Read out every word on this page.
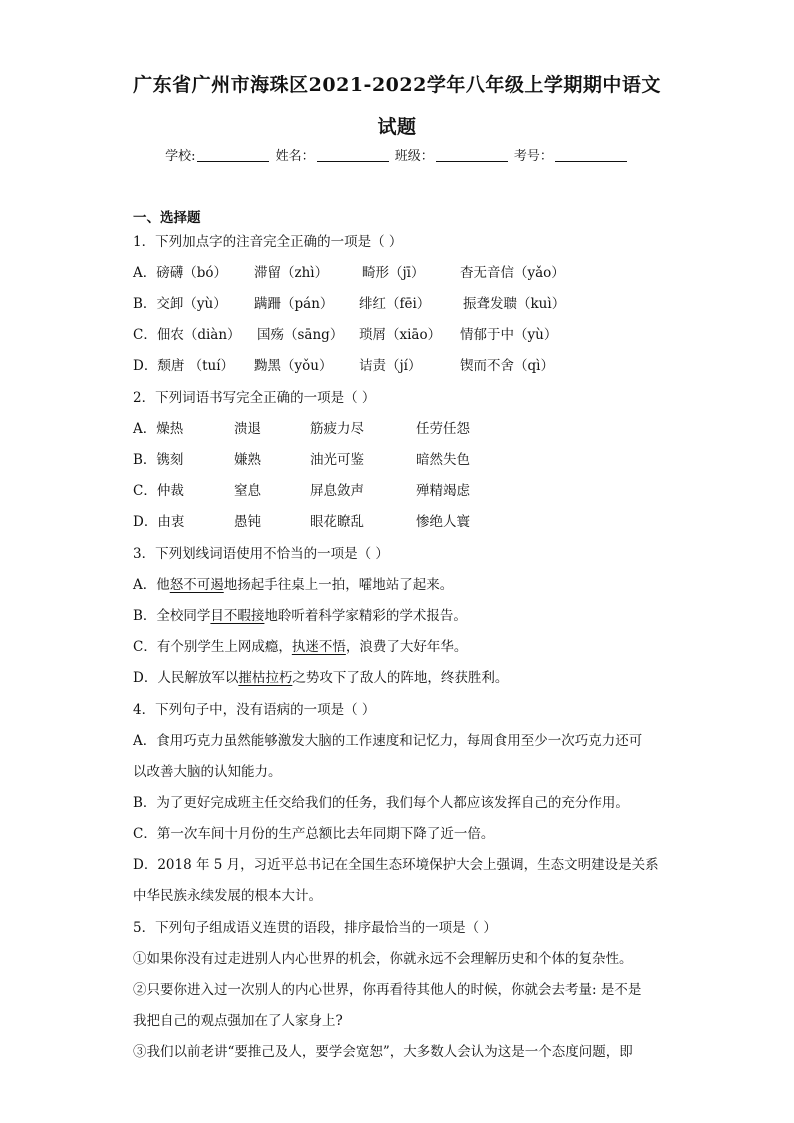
广东省广州市海珠区2021-2022学年八年级上学期期中语文
试题
学校:	姓名：	班级：	考号：
一、选择题
1．下列加点字的注音完全正确的一项是（ ）
A．磅礴（bó） 滞留（zhì）	畸形（jī）	杳无音信（yǎo）
B．交卸（yù） 蹒跚（pán） 绯红（fēi） 振聋发聩（kuì）
C．佃农（diàn） 国殇（sāng） 琐屑（xiāo） 情郁于中（yù）
D．颓唐 （tuí） 黝黑（yǒu） 诘责（jí）	锲而不舍（qì）
2．下列词语书写完全正确的一项是（ ）
A．燥热	溃退	筋疲力尽	任劳任怨
B．镌刻	嫌熟	油光可鉴	暗然失色
C．仲裁	窒息	屏息敛声	殚精竭虑
D．由衷	愚钝	眼花瞭乱	惨绝人寰
3．下列划线词语使用不恰当的一项是（ ）
A．他怒不可遏地扬起手往桌上一拍，嚯地站了起来。
B．全校同学目不暇接地聆听着科学家精彩的学术报告。
C．有个别学生上网成瘾，执迷不悟，浪费了大好年华。
D．人民解放军以摧枯拉朽之势攻下了敌人的阵地，终获胜利。
4．下列句子中，没有语病的一项是（ ）
A．食用巧克力虽然能够激发大脑的工作速度和记忆力，每周食用至少一次巧克力还可
以改善大脑的认知能力。
B．为了更好完成班主任交给我们的任务，我们每个人都应该发挥自己的充分作用。
C．第一次车间十月份的生产总额比去年同期下降了近一倍。
D．2018 年 5 月，习近平总书记在全国生态环境保护大会上强调，生态文明建设是关系
中华民族永续发展的根本大计。
5．下列句子组成语义连贯的语段，排序最恰当的一项是（ ）
①如果你没有过走进别人内心世界的机会，你就永远不会理解历史和个体的复杂性。
②只要你进入过一次别人的内心世界，你再看待其他人的时候，你就会去考量: 是不是
我把自己的观点强加在了人家身上?
③我们以前老讲“要推己及人，要学会宽恕”，大多数人会认为这是一个态度问题，即
